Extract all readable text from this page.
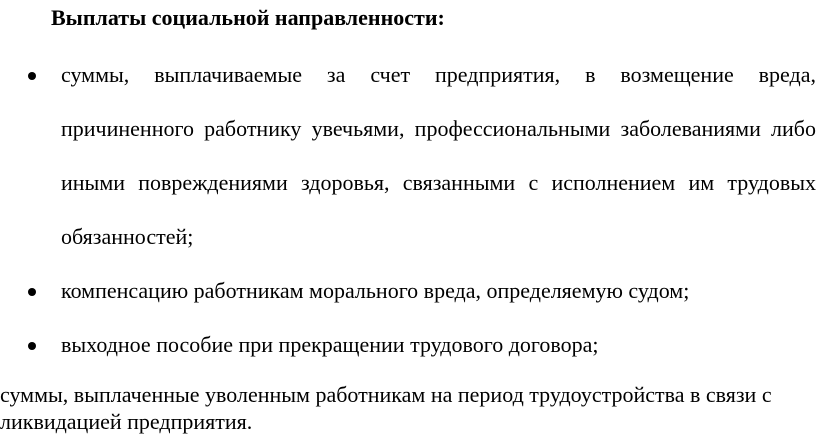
Выплаты социальной направленности:
суммы, выплачиваемые за счет предприятия, в возмещение вреда, причиненного работнику увечьями, профессиональными заболеваниями либо иными повреждениями здоровья, связанными с исполнением им трудовых обязанностей;
компенсацию работникам морального вреда, определяемую судом;
выходное пособие при прекращении трудового договора;
суммы, выплаченные уволенным работникам на период трудоустройства в связи с ликвидацией предприятия.
